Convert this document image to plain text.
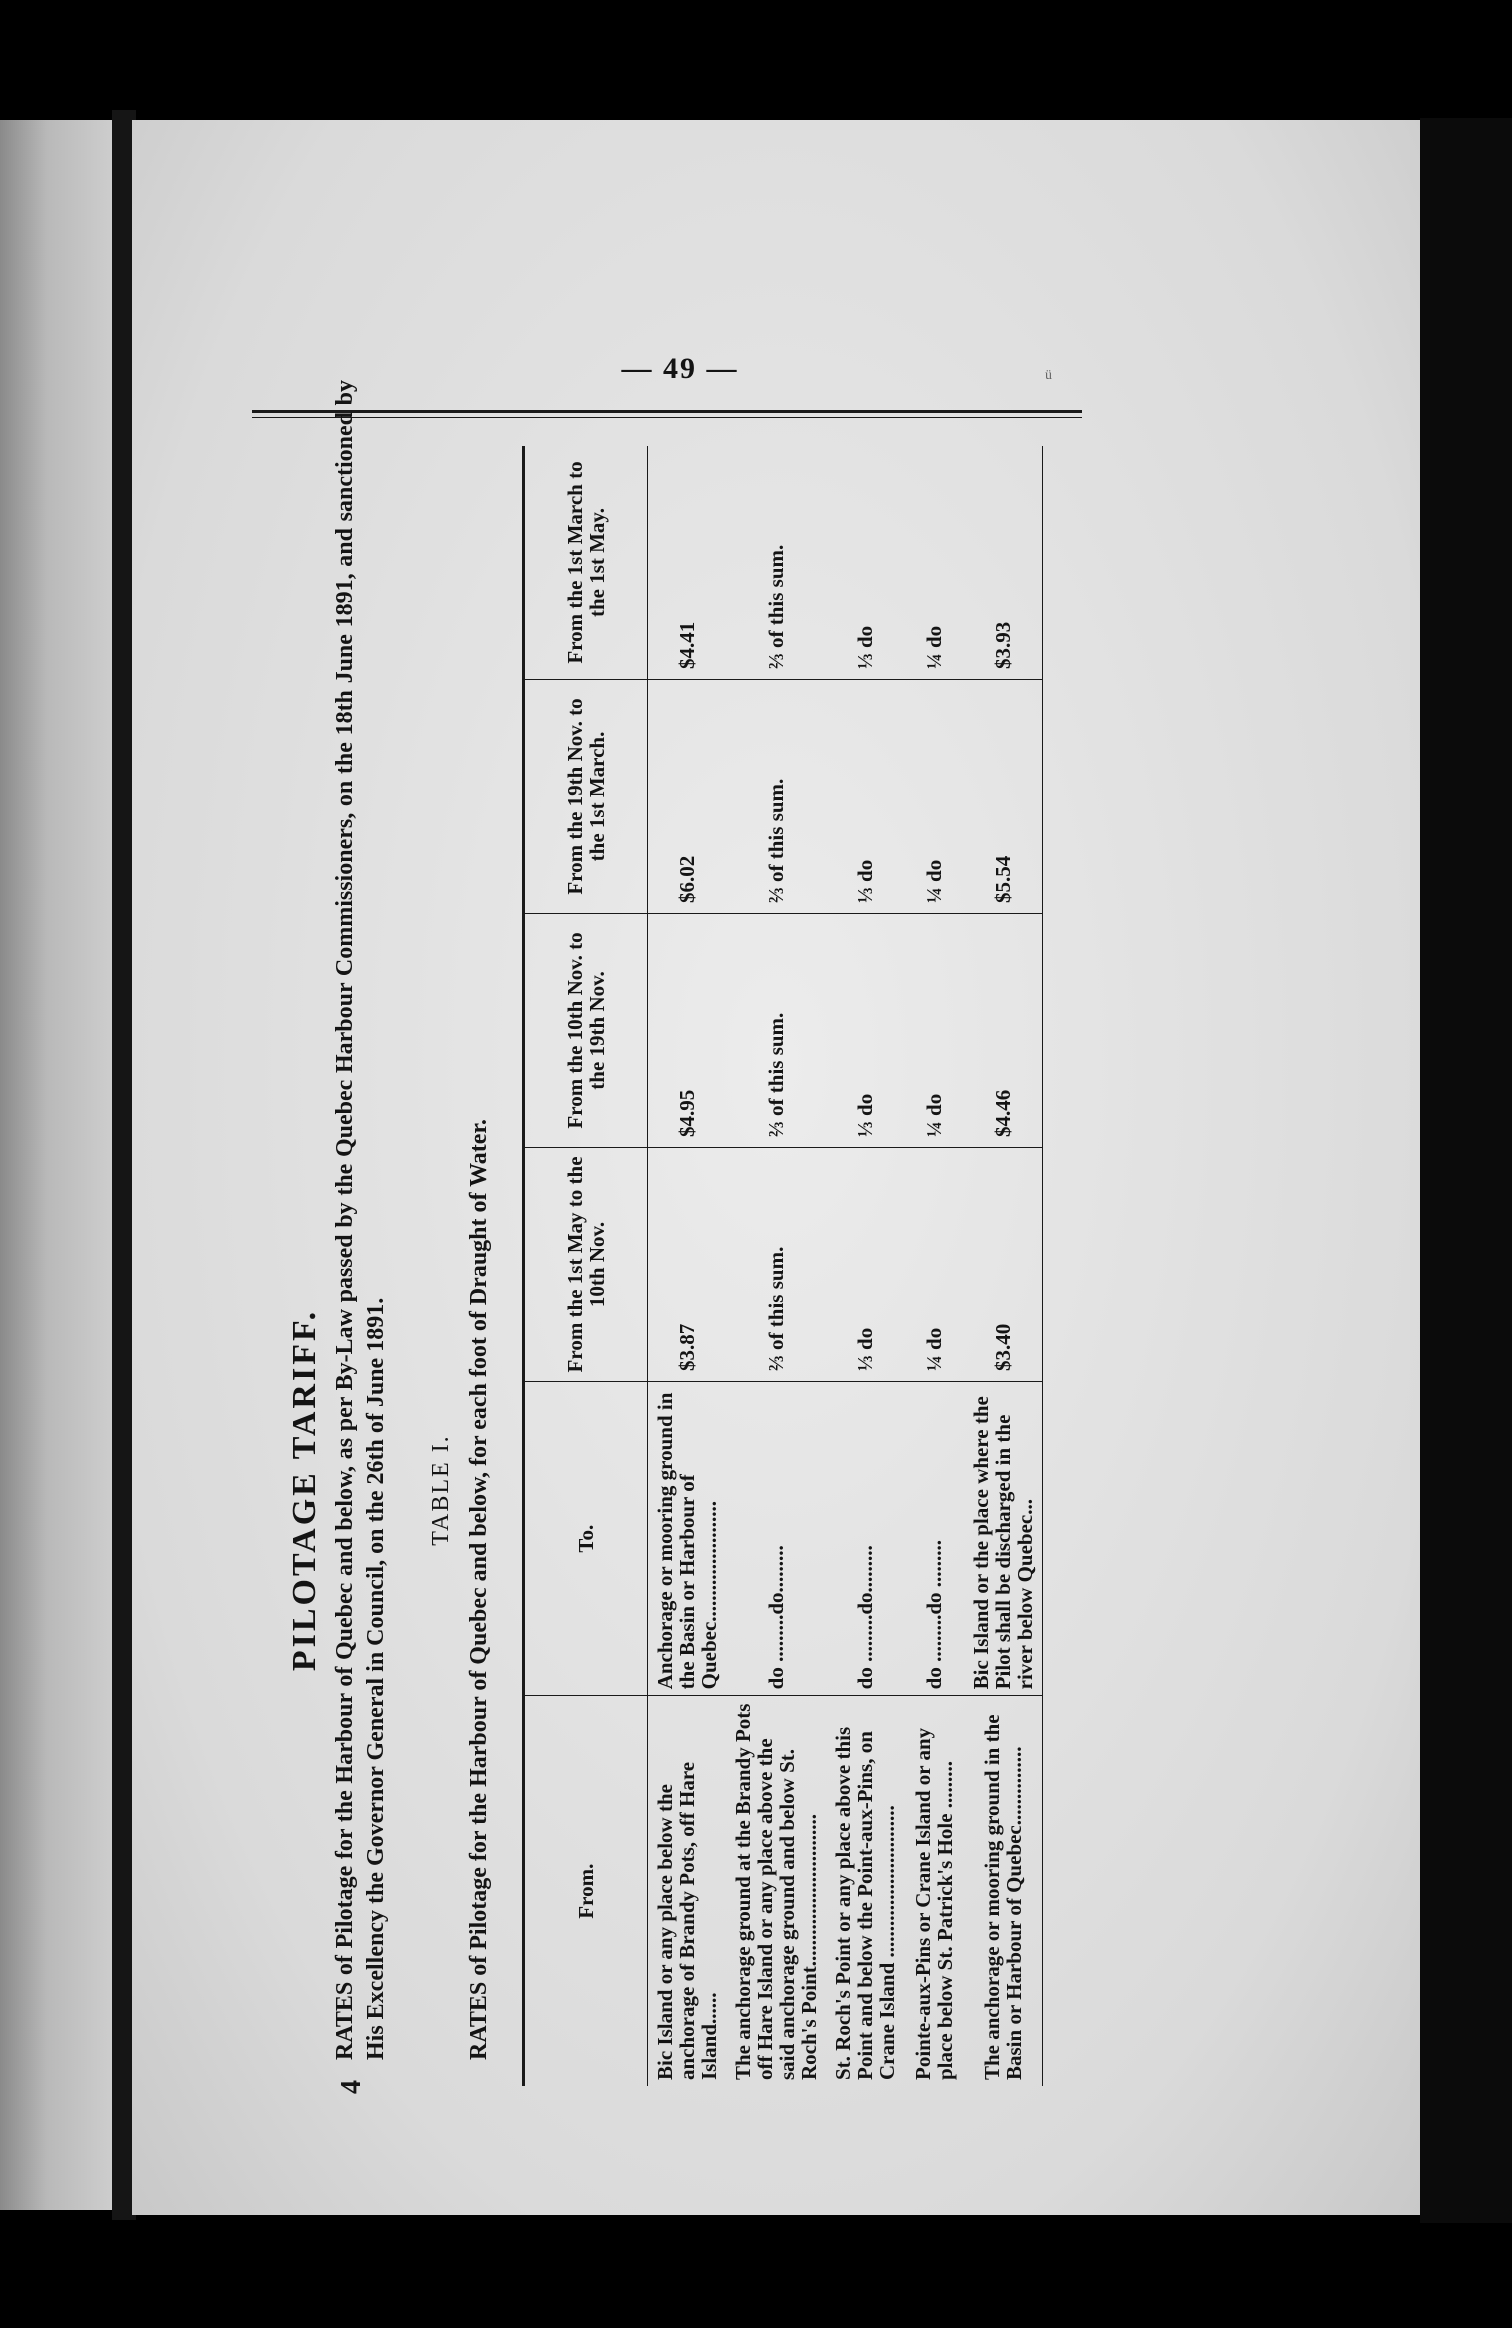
— 49 —	ü
PILOTAGE TARIFF.
4
RATES of Pilotage for the Harbour of Quebec and below, as per By-Law passed by the Quebec Harbour Commissioners, on the 18th June 1891, and sanctioned by His Excellency the Governor General in Council, on the 26th of June 1891. TABLE I. RATES of Pilotage for the Harbour of Quebec and below, for each foot of Draught of Water.	From.	To.	From the 1st May to the 10th Nov.	From the 10th Nov. to the 19th Nov.	From the 19th Nov. to the 1st March.	From the 1st March to the 1st May.
Bic Island or any place below the anchorage of Brandy Pots, off Hare Island......	Anchorage or mooring ground in the Basin or Harbour of Quebec.......................	$3.87	$4.95	$6.02	$4.41
The anchorage ground at the Brandy Pots off Hare Island or any place above the said anchorage ground and below St. Roch's Point.............................	do .........do.........	⅔ of this sum.	⅔ of this sum.	⅔ of this sum.	⅔ of this sum.
St. Roch's Point or any place above this Point and below the Point-aux-Pins, on Crane Island .............................	do .........do.........	⅓ do	⅓ do	⅓ do	⅓ do
Pointe-aux-Pins or Crane Island or any place below St. Patrick's Hole .........	do .........do .........	¼ do	¼ do	¼ do	¼ do
The anchorage or mooring ground in the Basin or Harbour of Quebec...............	Bic Island or the place where the Pilot shall be discharged in the river below Quebec...	$3.40	$4.46	$5.54	$3.93
